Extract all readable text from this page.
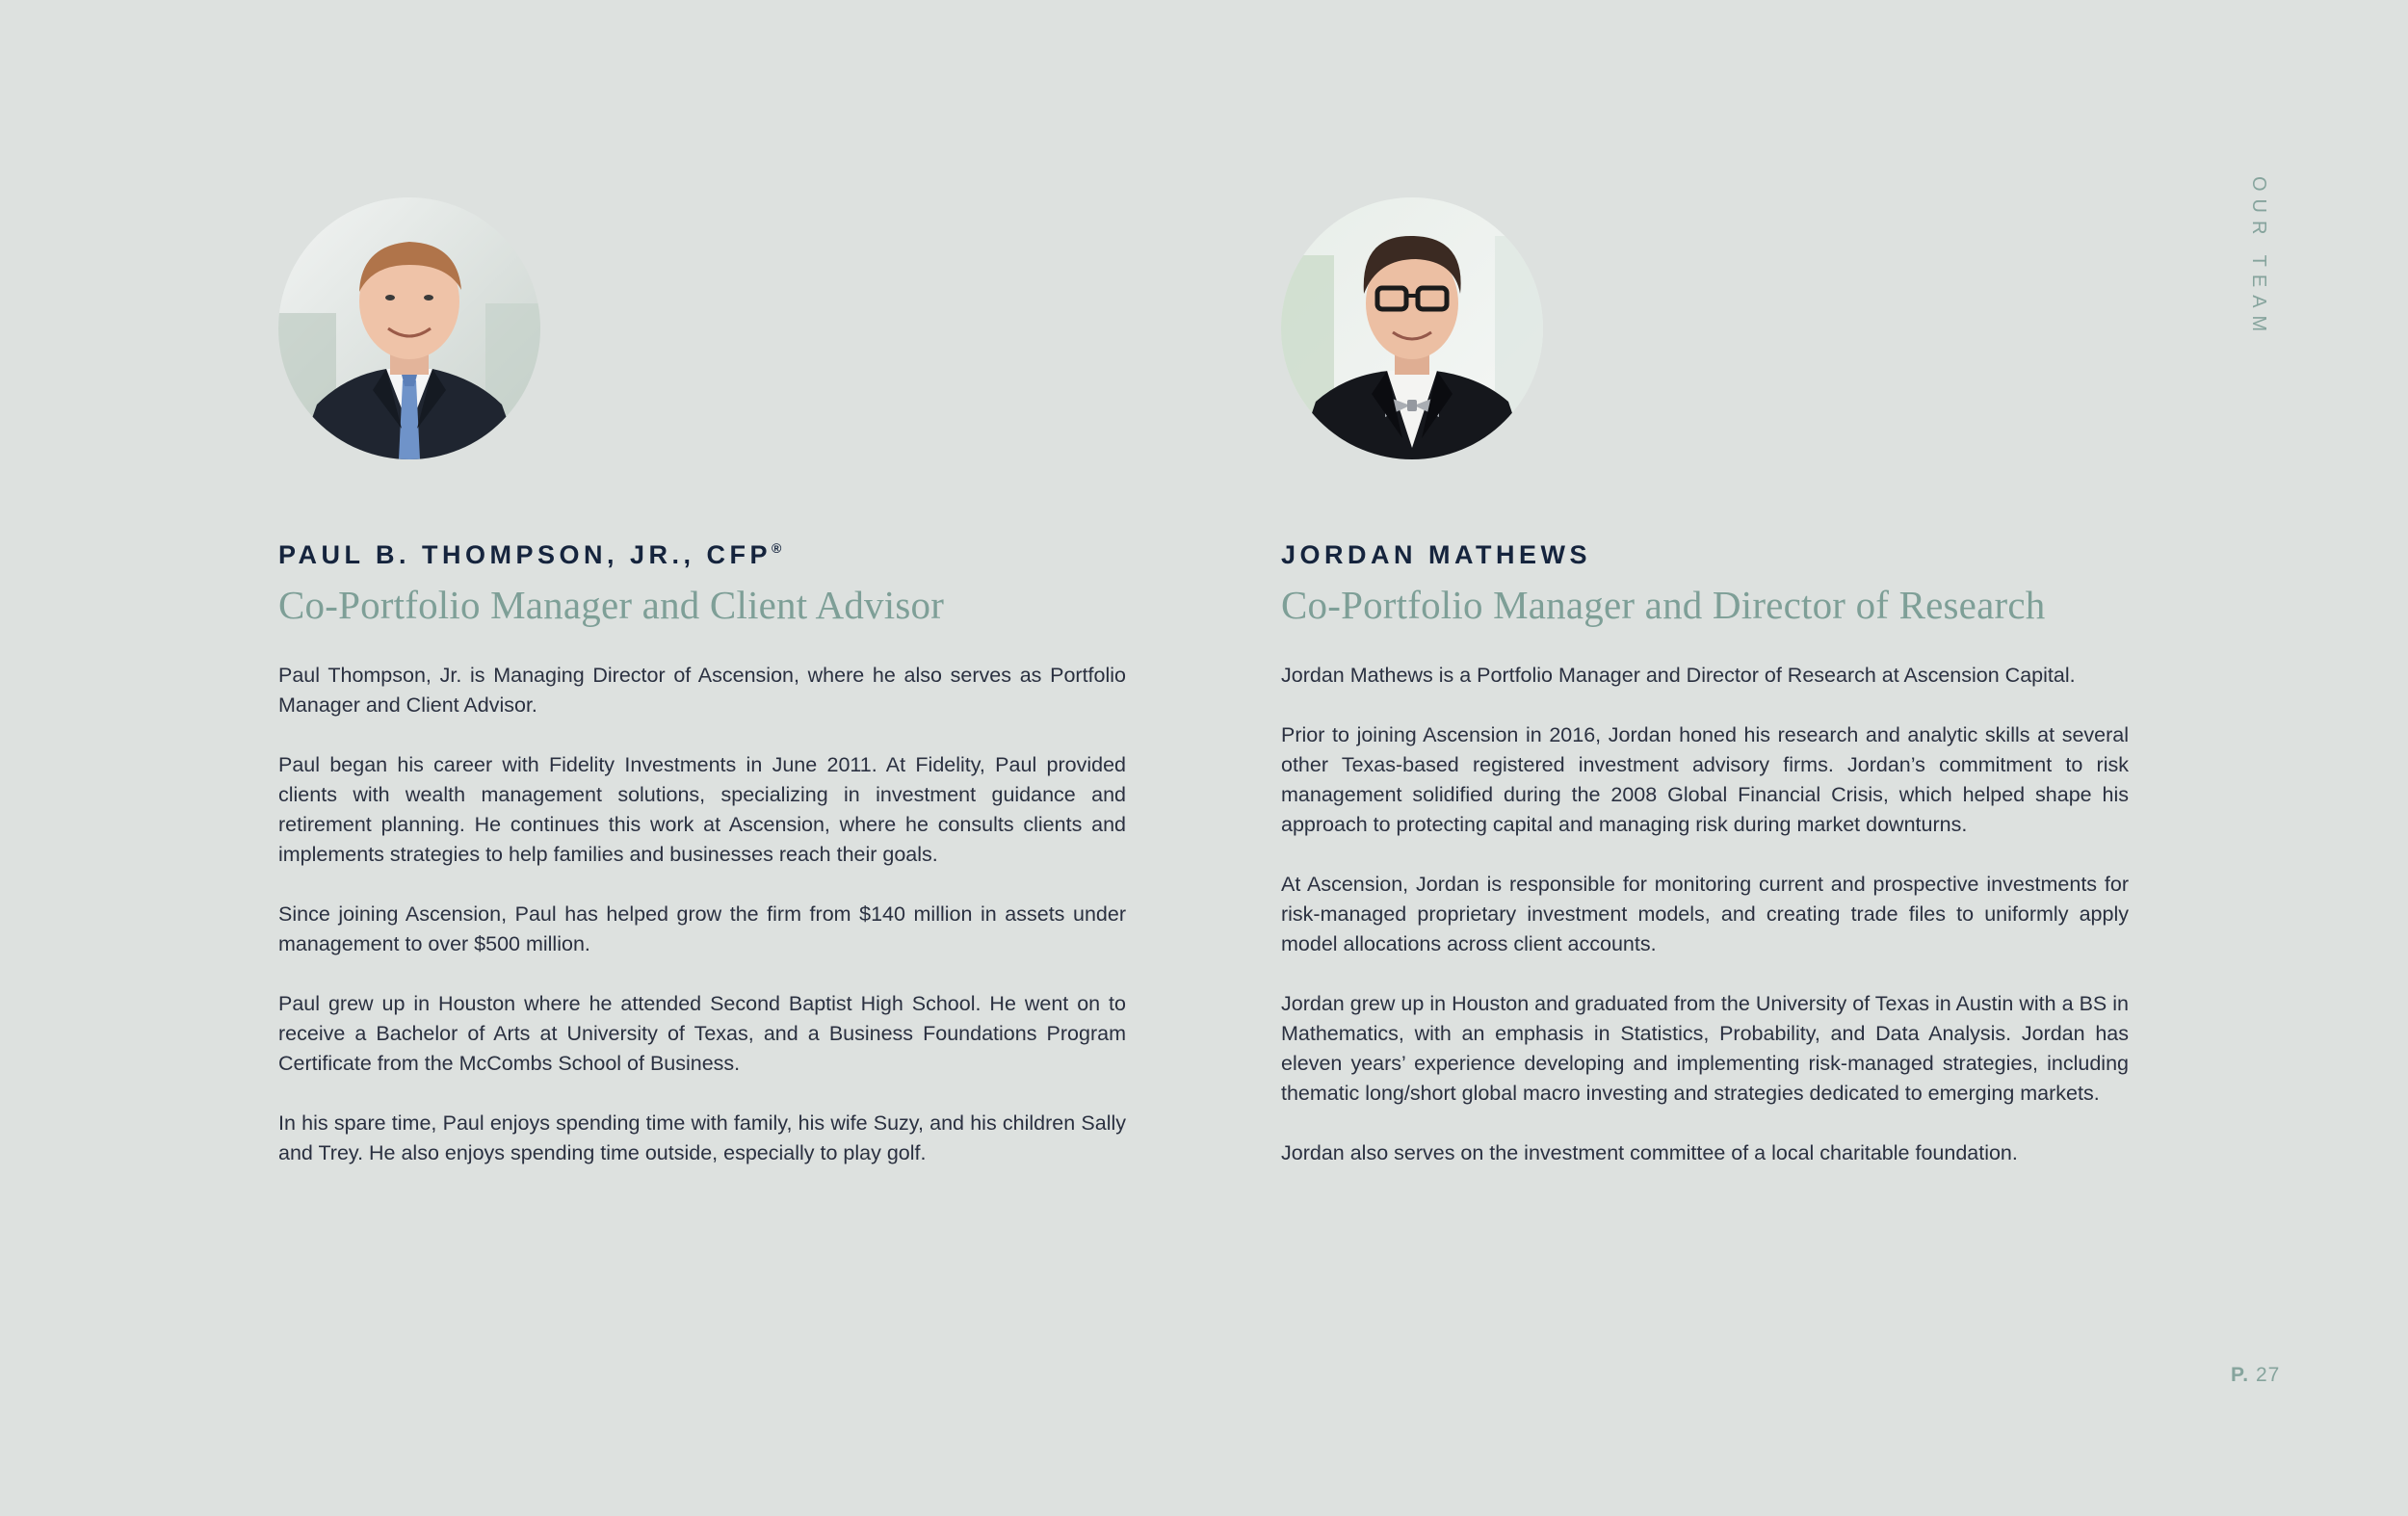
PAUL B. THOMPSON, JR., CFP®
Co-Portfolio Manager and Client Advisor

Paul Thompson, Jr. is Managing Director of Ascension, where he also serves as Portfolio Manager and Client Advisor.

Paul began his career with Fidelity Investments in June 2011. At Fidelity, Paul provided clients with wealth management solutions, specializing in investment guidance and retirement planning. He continues this work at Ascension, where he consults clients and implements strategies to help families and businesses reach their goals.

Since joining Ascension, Paul has helped grow the firm from $140 million in assets under management to over $500 million.

Paul grew up in Houston where he attended Second Baptist High School. He went on to receive a Bachelor of Arts at University of Texas, and a Business Foundations Program Certificate from the McCombs School of Business.

In his spare time, Paul enjoys spending time with family, his wife Suzy, and his children Sally and Trey. He also enjoys spending time outside, especially to play golf.

JORDAN MATHEWS
Co-Portfolio Manager and Director of Research

Jordan Mathews is a Portfolio Manager and Director of Research at Ascension Capital.

Prior to joining Ascension in 2016, Jordan honed his research and analytic skills at several other Texas-based registered investment advisory firms. Jordan’s commitment to risk management solidified during the 2008 Global Financial Crisis, which helped shape his approach to protecting capital and managing risk during market downturns.

At Ascension, Jordan is responsible for monitoring current and prospective investments for risk-managed proprietary investment models, and creating trade files to uniformly apply model allocations across client accounts.

Jordan grew up in Houston and graduated from the University of Texas in Austin with a BS in Mathematics, with an emphasis in Statistics, Probability, and Data Analysis. Jordan has eleven years’ experience developing and implementing risk-managed strategies, including thematic long/short global macro investing and strategies dedicated to emerging markets.

Jordan also serves on the investment committee of a local charitable foundation.

OUR TEAM
P. 27
